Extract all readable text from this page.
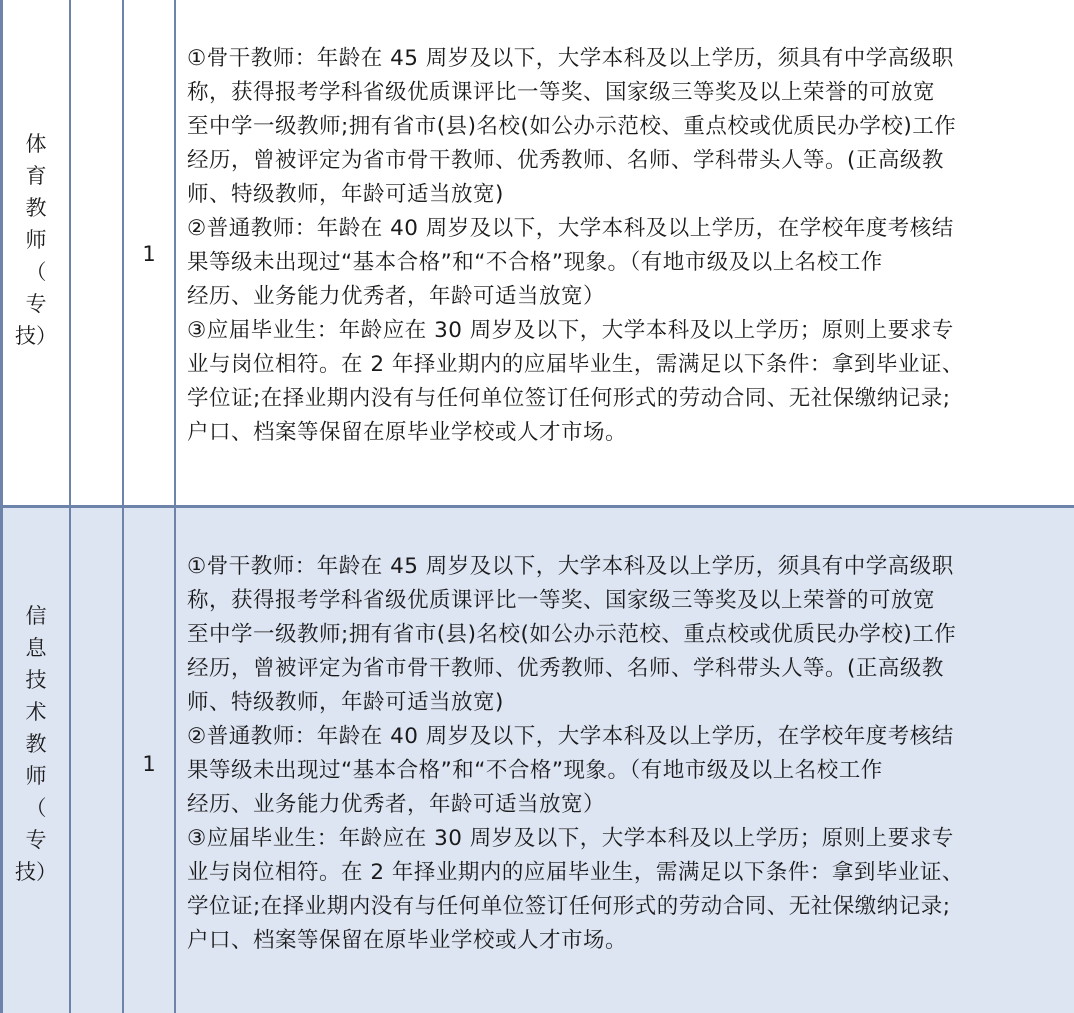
体
育
教
师
（
专
技）
1

①骨干教师：年龄在 45 周岁及以下，大学本科及以上学历，须具有中学高级职

称，获得报考学科省级优质课评比一等奖、国家级三等奖及以上荣誉的可放宽

至中学一级教师;拥有省市(县)名校(如公办示范校、重点校或优质民办学校)工作

经历，曾被评定为省市骨干教师、优秀教师、名师、学科带头人等。(正高级教

师、特级教师，年龄可适当放宽)

②普通教师：年龄在 40 周岁及以下，大学本科及以上学历，在学校年度考核结

果等级未出现过“基本合格”和“不合格”现象。（有地市级及以上名校工作

经历、业务能力优秀者，年龄可适当放宽）

③应届毕业生：年龄应在 30 周岁及以下，大学本科及以上学历；原则上要求专

业与岗位相符。在 2 年择业期内的应届毕业生，需满足以下条件：拿到毕业证、

学位证;在择业期内没有与任何单位签订任何形式的劳动合同、无社保缴纳记录;

户口、档案等保留在原毕业学校或人才市场。

信
息
技
术
教
师
（
专
技）
1

①骨干教师：年龄在 45 周岁及以下，大学本科及以上学历，须具有中学高级职

称，获得报考学科省级优质课评比一等奖、国家级三等奖及以上荣誉的可放宽

至中学一级教师;拥有省市(县)名校(如公办示范校、重点校或优质民办学校)工作

经历，曾被评定为省市骨干教师、优秀教师、名师、学科带头人等。(正高级教

师、特级教师，年龄可适当放宽)

②普通教师：年龄在 40 周岁及以下，大学本科及以上学历，在学校年度考核结

果等级未出现过“基本合格”和“不合格”现象。（有地市级及以上名校工作

经历、业务能力优秀者，年龄可适当放宽）

③应届毕业生：年龄应在 30 周岁及以下，大学本科及以上学历；原则上要求专

业与岗位相符。在 2 年择业期内的应届毕业生，需满足以下条件：拿到毕业证、

学位证;在择业期内没有与任何单位签订任何形式的劳动合同、无社保缴纳记录;

户口、档案等保留在原毕业学校或人才市场。
